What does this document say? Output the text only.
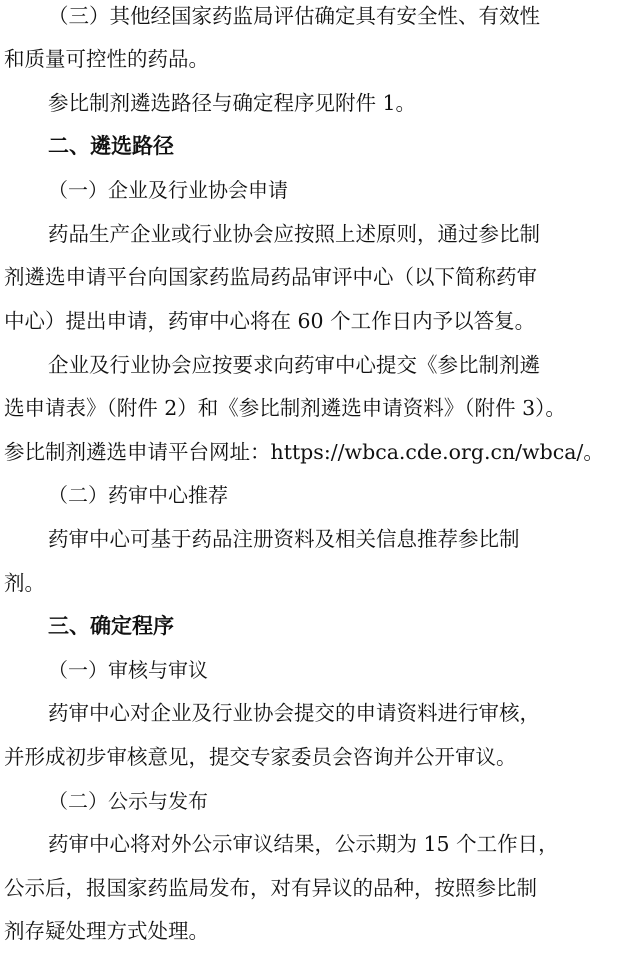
（三）其他经国家药监局评估确定具有安全性、有效性
和质量可控性的药品。
参比制剂遴选路径与确定程序见附件 1。
二、遴选路径
（一）企业及行业协会申请
药品生产企业或行业协会应按照上述原则，通过参比制
剂遴选申请平台向国家药监局药品审评中心（以下简称药审
中心）提出申请，药审中心将在 60 个工作日内予以答复。
企业及行业协会应按要求向药审中心提交《参比制剂遴
选申请表》（附件 2）和《参比制剂遴选申请资料》（附件 3）。
参比制剂遴选申请平台网址：https://wbca.cde.org.cn/wbca/。
（二）药审中心推荐
药审中心可基于药品注册资料及相关信息推荐参比制
剂。
三、确定程序
（一）审核与审议
药审中心对企业及行业协会提交的申请资料进行审核，
并形成初步审核意见，提交专家委员会咨询并公开审议。
（二）公示与发布
药审中心将对外公示审议结果，公示期为 15 个工作日，
公示后，报国家药监局发布，对有异议的品种，按照参比制
剂存疑处理方式处理。
